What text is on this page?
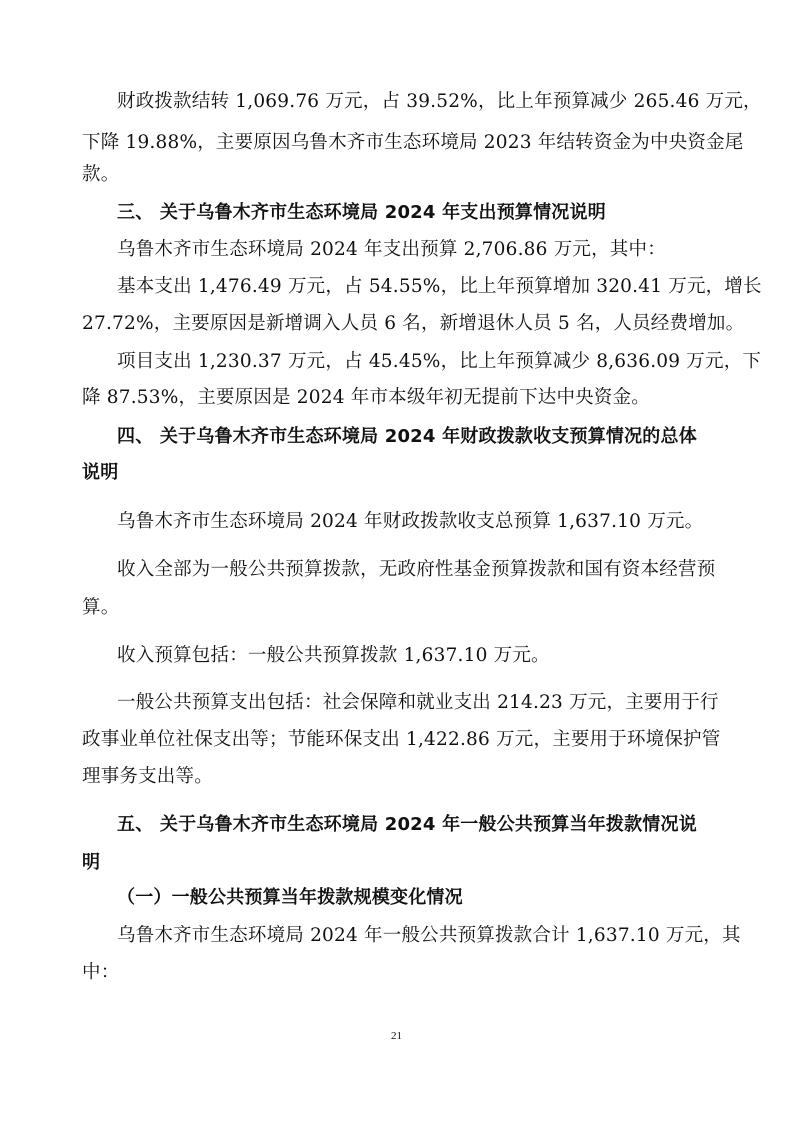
财政拨款结转 1,069.76 万元，占 39.52%，比上年预算减少 265.46 万元，
下降 19.88%，主要原因乌鲁木齐市生态环境局 2023 年结转资金为中央资金尾
款。
三、 关于乌鲁木齐市生态环境局 2024 年支出预算情况说明
乌鲁木齐市生态环境局 2024 年支出预算 2,706.86 万元，其中：
基本支出 1,476.49 万元，占 54.55%，比上年预算增加 320.41 万元，增长
27.72%，主要原因是新增调入人员 6 名，新增退休人员 5 名，人员经费增加。
项目支出 1,230.37 万元，占 45.45%，比上年预算减少 8,636.09 万元，下
降 87.53%，主要原因是 2024 年市本级年初无提前下达中央资金。
四、 关于乌鲁木齐市生态环境局 2024 年财政拨款收支预算情况的总体
说明
乌鲁木齐市生态环境局 2024 年财政拨款收支总预算 1,637.10 万元。
收入全部为一般公共预算拨款，无政府性基金预算拨款和国有资本经营预
算。
收入预算包括：一般公共预算拨款 1,637.10 万元。
一般公共预算支出包括：社会保障和就业支出 214.23 万元，主要用于行
政事业单位社保支出等；节能环保支出 1,422.86 万元，主要用于环境保护管
理事务支出等。
五、 关于乌鲁木齐市生态环境局 2024 年一般公共预算当年拨款情况说
明
（一）一般公共预算当年拨款规模变化情况
乌鲁木齐市生态环境局 2024 年一般公共预算拨款合计 1,637.10 万元，其
中：
21
